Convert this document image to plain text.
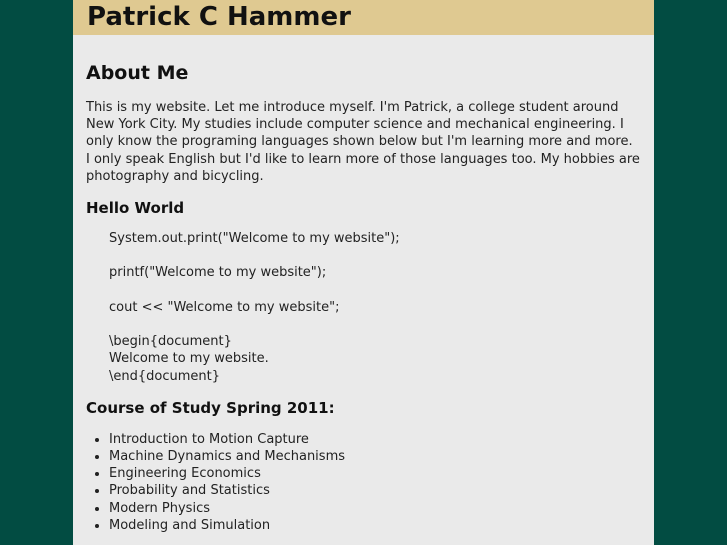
Patrick C Hammer
About Me

This is my website. Let me introduce myself. I'm Patrick, a college student around New York City. My studies include computer science and mechanical engineering. I only know the programing languages shown below but I'm learning more and more. I only speak English but I'd like to learn more of those languages too. My hobbies are photography and bicycling.

Hello World
System.out.print("Welcome to my website");
printf("Welcome to my website");
cout << "Welcome to my website";
\begin{document}
Welcome to my website.
\end{document}
Course of Study Spring 2011:
• Introduction to Motion Capture
• Machine Dynamics and Mechanisms
• Engineering Economics
• Probability and Statistics
• Modern Physics
• Modeling and Simulation
